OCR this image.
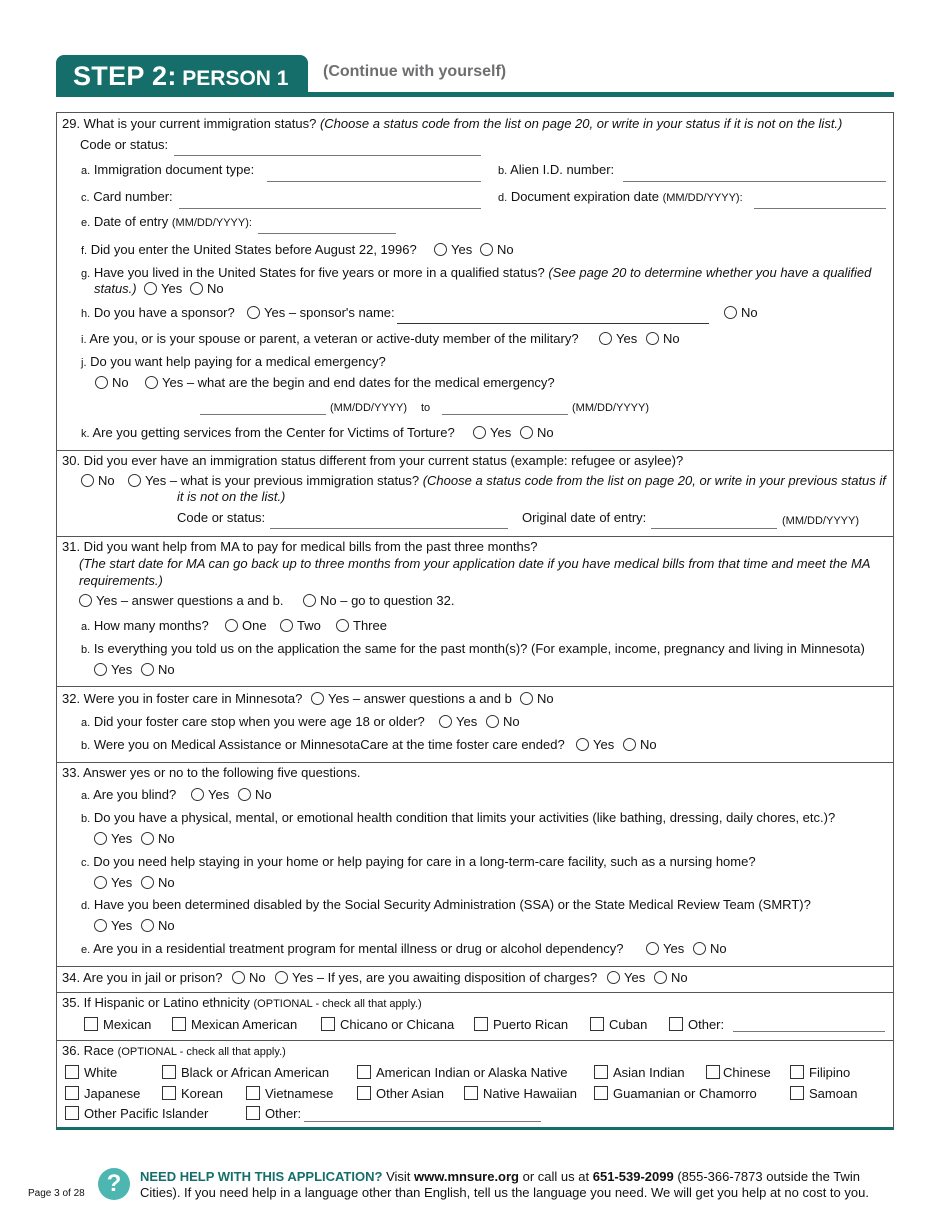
STEP 2: PERSON 1	(Continue with yourself)
29. What is your current immigration status? (Choose a status code from the list on page 20, or write in your status if it is not on the list.)
Code or status:
a. Immigration document type:	b. Alien I.D. number:
c. Card number:	d. Document expiration date (MM/DD/YYYY):
e. Date of entry (MM/DD/YYYY):
f. Did you enter the United States before August 22, 1996?	Yes No
g. Have you lived in the United States for five years or more in a qualified status? (See page 20 to determine whether you have a qualified
status.) Yes No
h. Do you have a sponsor? Yes – sponsor's name:	No
i. Are you, or is your spouse or parent, a veteran or active-duty member of the military?	Yes No
j. Do you want help paying for a medical emergency?
No	Yes – what are the begin and end dates for the medical emergency?
(MM/DD/YYYY) to	(MM/DD/YYYY)
k. Are you getting services from the Center for Victims of Torture?	Yes No
30. Did you ever have an immigration status different from your current status (example: refugee or asylee)?
No Yes – what is your previous immigration status? (Choose a status code from the list on page 20, or write in your previous status if
it is not on the list.)
Code or status:	Original date of entry:	(MM/DD/YYYY)
31. Did you want help from MA to pay for medical bills from the past three months?
(The start date for MA can go back up to three months from your application date if you have medical bills from that time and meet the MA
requirements.)
Yes – answer questions a and b.	No – go to question 32.
a. How many months?	One Two Three
b. Is everything you told us on the application the same for the past month(s)? (For example, income, pregnancy and living in Minnesota)
Yes No
32. Were you in foster care in Minnesota? Yes – answer questions a and b No
a. Did your foster care stop when you were age 18 or older? Yes No
b. Were you on Medical Assistance or MinnesotaCare at the time foster care ended? Yes No
33. Answer yes or no to the following five questions.
a. Are you blind? Yes No
b. Do you have a physical, mental, or emotional health condition that limits your activities (like bathing, dressing, daily chores, etc.)?
Yes No
c. Do you need help staying in your home or help paying for care in a long-term-care facility, such as a nursing home?
Yes No
d. Have you been determined disabled by the Social Security Administration (SSA) or the State Medical Review Team (SMRT)?
Yes No
e. Are you in a residential treatment program for mental illness or drug or alcohol dependency?	Yes No
34. Are you in jail or prison? No Yes – If yes, are you awaiting disposition of charges? Yes No
35. If Hispanic or Latino ethnicity (OPTIONAL - check all that apply.)
Mexican	Mexican American	Chicano or Chicana	Puerto Rican	Cuban	Other:
36. Race (OPTIONAL - check all that apply.)
White	Black or African American	American Indian or Alaska Native	Asian Indian	Chinese	Filipino
Japanese	Korean	Vietnamese	Other Asian	Native Hawaiian	Guamanian or Chamorro	Samoan
Other Pacific Islander	Other:
Page 3 of 28 ?	NEED HELP WITH THIS APPLICATION? Visit www.mnsure.org or call us at 651-539-2099 (855-366-7873 outside the Twin
Cities). If you need help in a language other than English, tell us the language you need. We will get you help at no cost to you.
